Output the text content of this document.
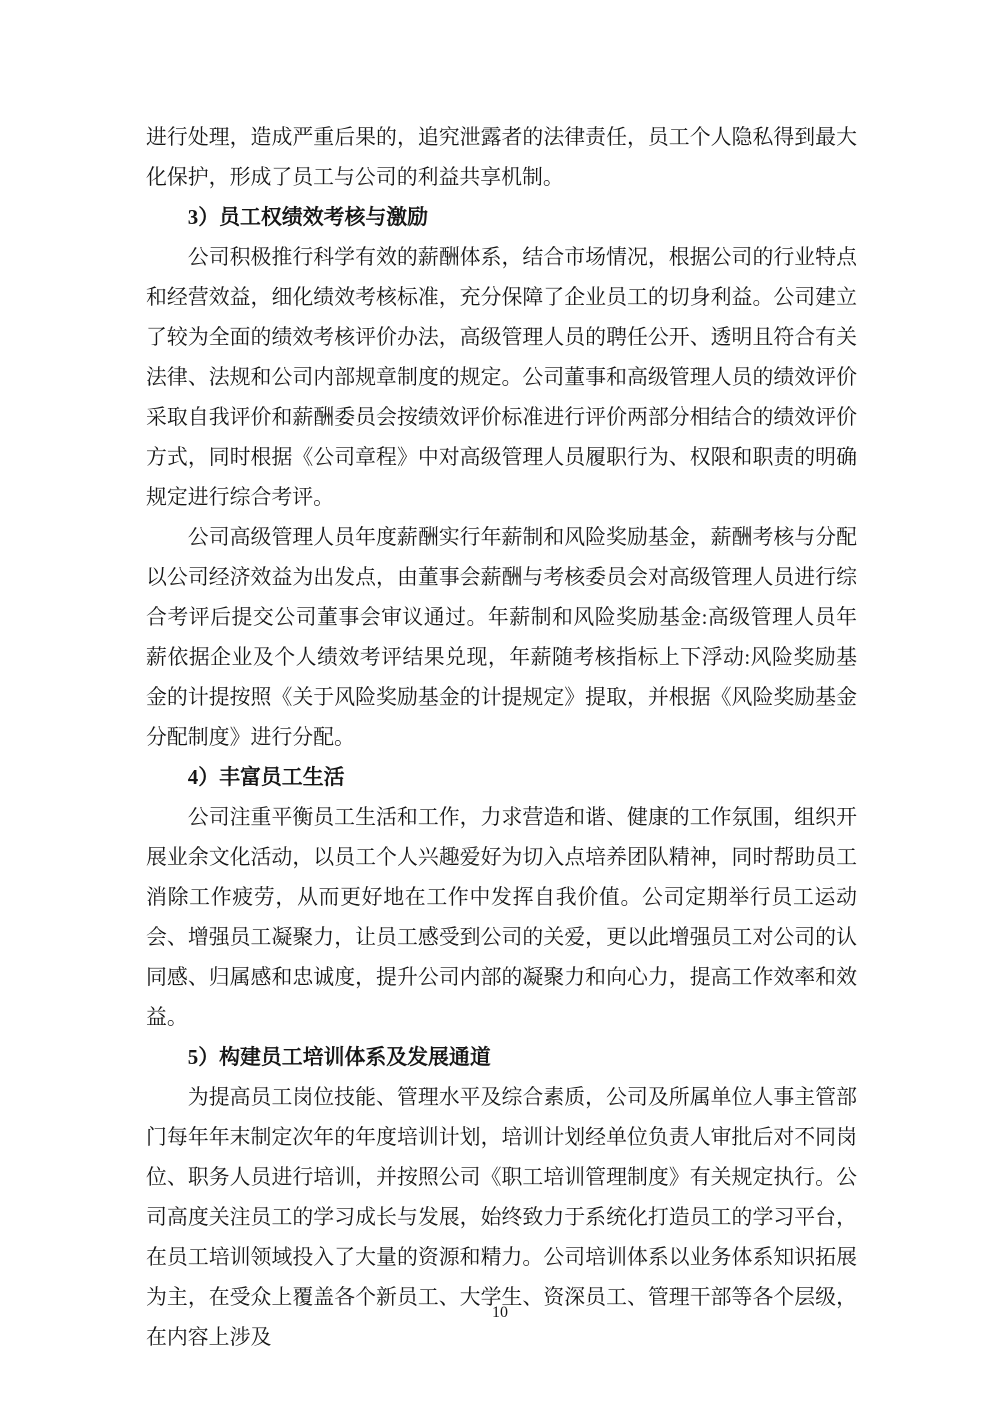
进行处理，造成严重后果的，追究泄露者的法律责任，员工个人隐私得到最大化保护，形成了员工与公司的利益共享机制。

3）员工权绩效考核与激励

公司积极推行科学有效的薪酬体系，结合市场情况，根据公司的行业特点和经营效益，细化绩效考核标准，充分保障了企业员工的切身利益。公司建立了较为全面的绩效考核评价办法，高级管理人员的聘任公开、透明且符合有关法律、法规和公司内部规章制度的规定。公司董事和高级管理人员的绩效评价采取自我评价和薪酬委员会按绩效评价标准进行评价两部分相结合的绩效评价方式，同时根据《公司章程》中对高级管理人员履职行为、权限和职责的明确规定进行综合考评。

公司高级管理人员年度薪酬实行年薪制和风险奖励基金，薪酬考核与分配以公司经济效益为出发点，由董事会薪酬与考核委员会对高级管理人员进行综合考评后提交公司董事会审议通过。年薪制和风险奖励基金:高级管理人员年薪依据企业及个人绩效考评结果兑现，年薪随考核指标上下浮动:风险奖励基金的计提按照《关于风险奖励基金的计提规定》提取，并根据《风险奖励基金分配制度》进行分配。

4）丰富员工生活

公司注重平衡员工生活和工作，力求营造和谐、健康的工作氛围，组织开展业余文化活动，以员工个人兴趣爱好为切入点培养团队精神，同时帮助员工消除工作疲劳，从而更好地在工作中发挥自我价值。公司定期举行员工运动会、增强员工凝聚力，让员工感受到公司的关爱，更以此增强员工对公司的认同感、归属感和忠诚度，提升公司内部的凝聚力和向心力，提高工作效率和效益。

5）构建员工培训体系及发展通道

为提高员工岗位技能、管理水平及综合素质，公司及所属单位人事主管部门每年年末制定次年的年度培训计划，培训计划经单位负责人审批后对不同岗位、职务人员进行培训，并按照公司《职工培训管理制度》有关规定执行。公司高度关注员工的学习成长与发展，始终致力于系统化打造员工的学习平台，在员工培训领域投入了大量的资源和精力。公司培训体系以业务体系知识拓展为主，在受众上覆盖各个新员工、大学生、资深员工、管理干部等各个层级，在内容上涉及

10
